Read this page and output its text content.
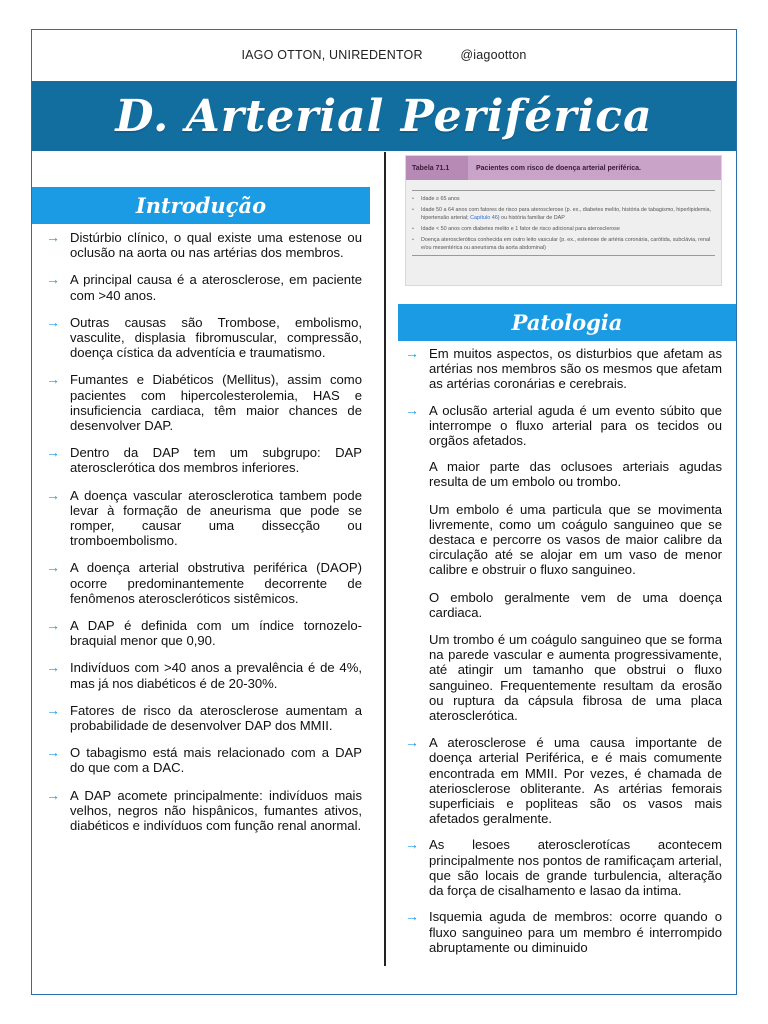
IAGO OTTON, UNIREDENTOR	@iagootton
D. Arterial Periférica
Introdução
→ Distúrbio clínico, o qual existe uma estenose ou oclusão na aorta ou nas artérias dos membros.
→ A principal causa é a aterosclerose, em paciente com >40 anos.
→ Outras causas são Trombose, embolismo, vasculite, displasia fibromuscular, compressão, doença cística da adventícia e traumatismo.
→ Fumantes e Diabéticos (Mellitus), assim como pacientes com hipercolesterolemia, HAS e insuficiencia cardiaca, têm maior chances de desenvolver DAP.
→ Dentro da DAP tem um subgrupo: DAP aterosclerótica dos membros inferiores.
→ A doença vascular aterosclerotica tambem pode levar à formação de aneurisma que pode se romper, causar uma dissecção ou tromboembolismo.
→ A doença arterial obstrutiva periférica (DAOP) ocorre predominantemente decorrente de fenômenos ateroscleróticos sistêmicos.
→ A DAP é definida com um índice tornozelo-braquial menor que 0,90.
→ Indivíduos com >40 anos a prevalência é de 4%, mas já nos diabéticos é de 20-30%.
→ Fatores de risco da aterosclerose aumentam a probabilidade de desenvolver DAP dos MMII.
→ O tabagismo está mais relacionado com a DAP do que com a DAC.
→ A DAP acomete principalmente: indivíduos mais velhos, negros não hispânicos, fumantes ativos, diabéticos e indivíduos com função renal anormal.
Tabela 71.1	Pacientes com risco de doença arterial periférica.
• Idade ≥ 65 anos
• Idade 50 a 64 anos com fatores de risco para aterosclerose (p. ex., diabetes melito, história de tabagismo, hiperlipidemia, hipertensão arterial; Capítulo 46) ou história familiar de DAP
• Idade < 50 anos com diabetes melito e 1 fator de risco adicional para aterosclerose
• Doença aterosclerótica conhecida em outro leito vascular (p. ex., estenose de artéria coronária, carótida, subclávia, renal e/ou mesentérica ou aneurisma da aorta abdominal)
Patologia
→ Em muitos aspectos, os disturbios que afetam as artérias nos membros são os mesmos que afetam as artérias coronárias e cerebrais.
→ A oclusão arterial aguda é um evento súbito que interrompe o fluxo arterial para os tecidos ou orgãos afetados.
A maior parte das oclusoes arteriais agudas resulta de um embolo ou trombo.
Um embolo é uma particula que se movimenta livremente, como um coágulo sanguineo que se destaca e percorre os vasos de maior calibre da circulação até se alojar em um vaso de menor calibre e obstruir o fluxo sanguineo.
O embolo geralmente vem de uma doença cardiaca.
Um trombo é um coágulo sanguineo que se forma na parede vascular e aumenta progressivamente, até atingir um tamanho que obstrui o fluxo sanguineo. Frequentemente resultam da erosão ou ruptura da cápsula fibrosa de uma placa aterosclerótica.
→ A aterosclerose é uma causa importante de doença arterial Periférica, e é mais comumente encontrada em MMII. Por vezes, é chamada de ateriosclerose obliterante. As artérias femorais superficiais e popliteas são os vasos mais afetados geralmente.
→ As lesoes aterosclerotícas acontecem principalmente nos pontos de ramificaçam arterial, que são locais de grande turbulencia, alteração da força de cisalhamento e lasao da intima.
→ Isquemia aguda de membros: ocorre quando o fluxo sanguineo para um membro é interrompido abruptamente ou diminuido
